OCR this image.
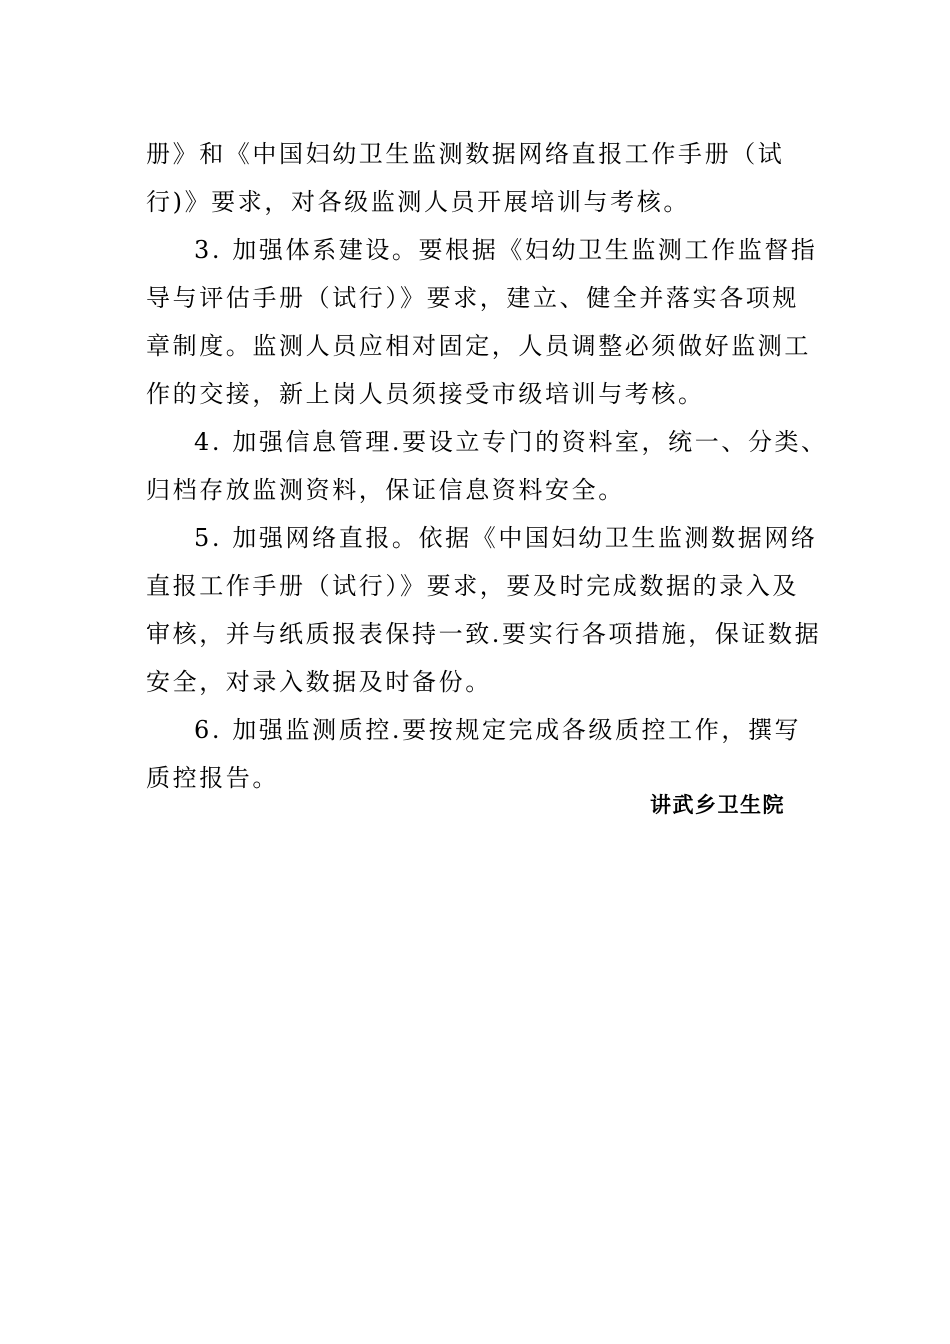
册》和《中国妇幼卫生监测数据网络直报工作手册（试
行)》要求，对各级监测人员开展培训与考核。
3. 加强体系建设。要根据《妇幼卫生监测工作监督指
导与评估手册（试行）》要求，建立、健全并落实各项规
章制度。监测人员应相对固定，人员调整必须做好监测工
作的交接，新上岗人员须接受市级培训与考核。
4. 加强信息管理.要设立专门的资料室，统一、分类、
归档存放监测资料，保证信息资料安全。
5. 加强网络直报。依据《中国妇幼卫生监测数据网络
直报工作手册（试行）》要求，要及时完成数据的录入及
审核，并与纸质报表保持一致.要实行各项措施，保证数据
安全，对录入数据及时备份。
6. 加强监测质控.要按规定完成各级质控工作，撰写
质控报告。
讲武乡卫生院
